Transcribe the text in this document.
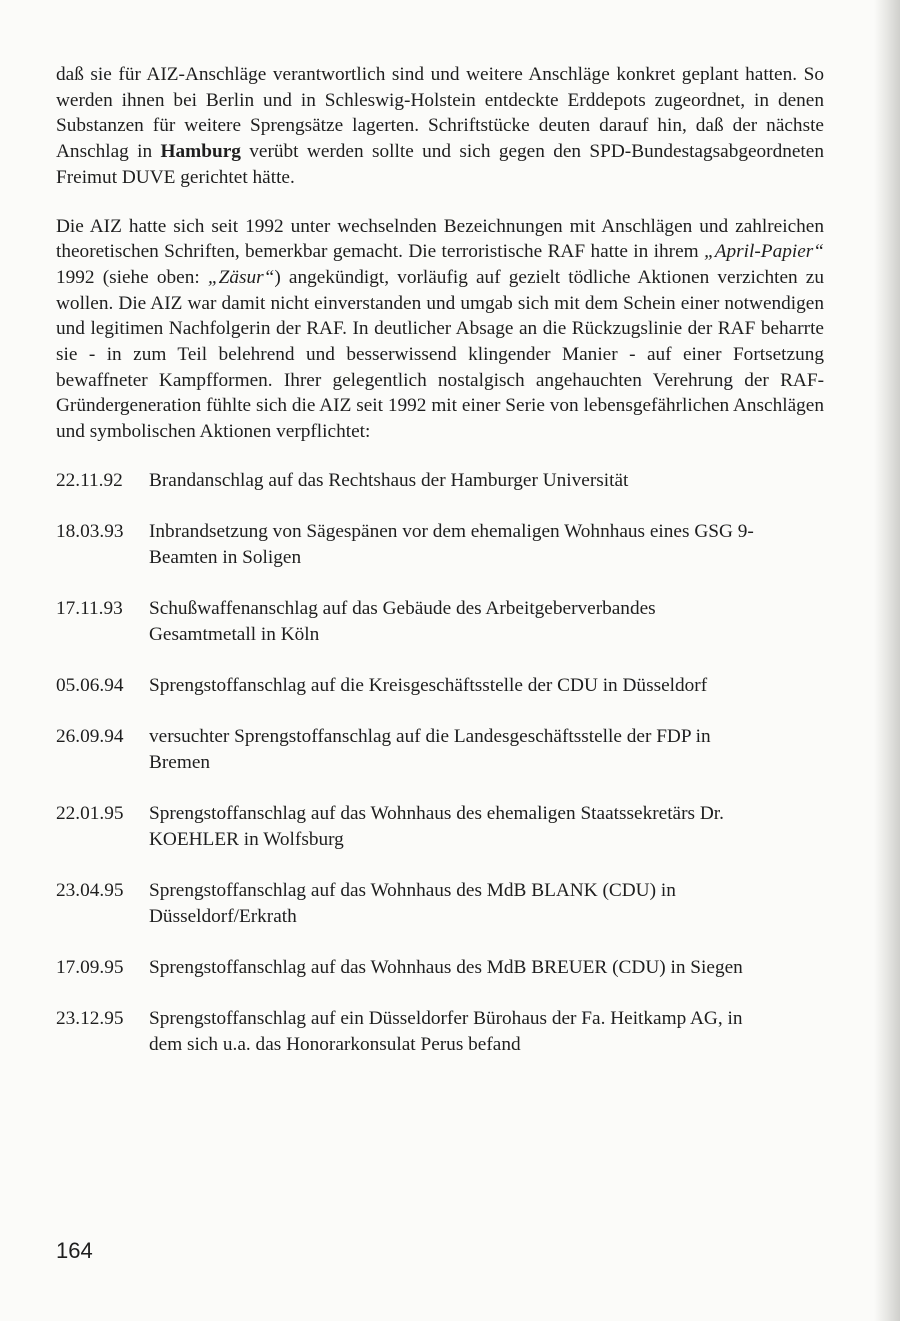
daß sie für AIZ-Anschläge verantwortlich sind und weitere Anschläge konkret geplant hatten. So werden ihnen bei Berlin und in Schleswig-Holstein entdeckte Erddepots zugeordnet, in denen Substanzen für weitere Sprengsätze lagerten. Schriftstücke deuten darauf hin, daß der nächste Anschlag in Hamburg verübt werden sollte und sich gegen den SPD-Bundestagsabgeordneten Freimut DUVE gerichtet hätte.

Die AIZ hatte sich seit 1992 unter wechselnden Bezeichnungen mit Anschlägen und zahlreichen theoretischen Schriften, bemerkbar gemacht. Die terroristische RAF hatte in ihrem „April-Papier“ 1992 (siehe oben: „Zäsur“) angekündigt, vorläufig auf gezielt tödliche Aktionen verzichten zu wollen. Die AIZ war damit nicht einverstanden und umgab sich mit dem Schein einer notwendigen und legitimen Nachfolgerin der RAF. In deutlicher Absage an die Rückzugslinie der RAF beharrte sie - in zum Teil belehrend und besserwissend klingender Manier - auf einer Fortsetzung bewaffneter Kampfformen. Ihrer gelegentlich nostalgisch angehauchten Verehrung der RAF-Gründergeneration fühlte sich die AIZ seit 1992 mit einer Serie von lebensgefährlichen Anschlägen und symbolischen Aktionen verpflichtet:

22.11.92	Brandanschlag auf das Rechtshaus der Hamburger Universität
18.03.93	Inbrandsetzung von Sägespänen vor dem ehemaligen Wohnhaus eines GSG 9-Beamten in Soligen
17.11.93	Schußwaffenanschlag auf das Gebäude des Arbeitgeberverbandes Gesamtmetall in Köln
05.06.94	Sprengstoffanschlag auf die Kreisgeschäftsstelle der CDU in Düsseldorf
26.09.94	versuchter Sprengstoffanschlag auf die Landesgeschäftsstelle der FDP in Bremen
22.01.95	Sprengstoffanschlag auf das Wohnhaus des ehemaligen Staatssekretärs Dr. KOEHLER in Wolfsburg
23.04.95	Sprengstoffanschlag auf das Wohnhaus des MdB BLANK (CDU) in Düsseldorf/Erkrath
17.09.95	Sprengstoffanschlag auf das Wohnhaus des MdB BREUER (CDU) in Siegen
23.12.95	Sprengstoffanschlag auf ein Düsseldorfer Bürohaus der Fa. Heitkamp AG, in dem sich u.a. das Honorarkonsulat Perus befand
164
